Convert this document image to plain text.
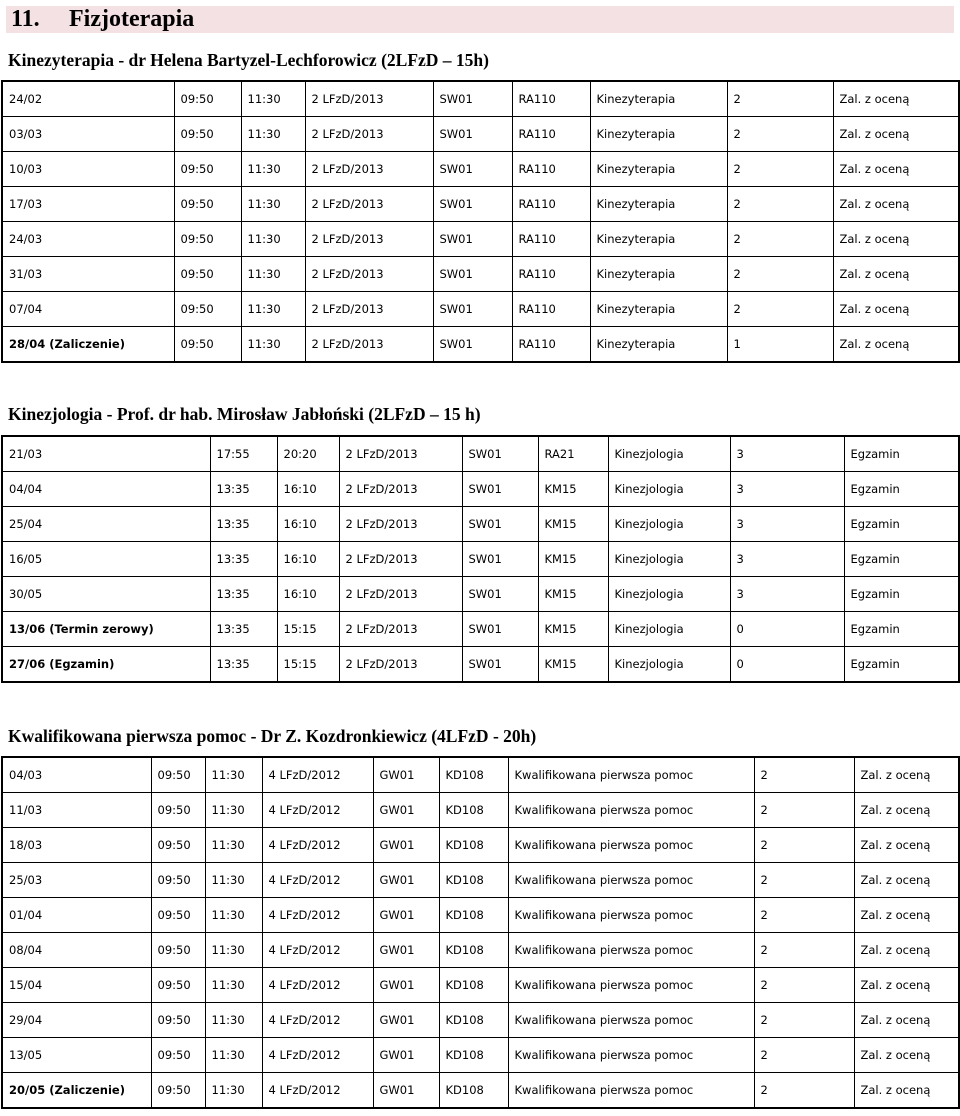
11. Fizjoterapia
Kinezyterapia - dr Helena Bartyzel-Lechforowicz (2LFzD – 15h)
24/02	09:50	11:30	2 LFzD/2013	SW01	RA110	Kinezyterapia	2	Zal. z oceną
03/03	09:50	11:30	2 LFzD/2013	SW01	RA110	Kinezyterapia	2	Zal. z oceną
10/03	09:50	11:30	2 LFzD/2013	SW01	RA110	Kinezyterapia	2	Zal. z oceną
17/03	09:50	11:30	2 LFzD/2013	SW01	RA110	Kinezyterapia	2	Zal. z oceną
24/03	09:50	11:30	2 LFzD/2013	SW01	RA110	Kinezyterapia	2	Zal. z oceną
31/03	09:50	11:30	2 LFzD/2013	SW01	RA110	Kinezyterapia	2	Zal. z oceną
07/04	09:50	11:30	2 LFzD/2013	SW01	RA110	Kinezyterapia	2	Zal. z oceną
28/04 (Zaliczenie)	09:50	11:30	2 LFzD/2013	SW01	RA110	Kinezyterapia	1	Zal. z oceną
Kinezjologia - Prof. dr hab. Mirosław Jabłoński (2LFzD – 15 h)
21/03	17:55	20:20	2 LFzD/2013	SW01	RA21	Kinezjologia	3	Egzamin
04/04	13:35	16:10	2 LFzD/2013	SW01	KM15	Kinezjologia	3	Egzamin
25/04	13:35	16:10	2 LFzD/2013	SW01	KM15	Kinezjologia	3	Egzamin
16/05	13:35	16:10	2 LFzD/2013	SW01	KM15	Kinezjologia	3	Egzamin
30/05	13:35	16:10	2 LFzD/2013	SW01	KM15	Kinezjologia	3	Egzamin
13/06 (Termin zerowy)	13:35	15:15	2 LFzD/2013	SW01	KM15	Kinezjologia	0	Egzamin
27/06 (Egzamin)	13:35	15:15	2 LFzD/2013	SW01	KM15	Kinezjologia	0	Egzamin
Kwalifikowana pierwsza pomoc - Dr Z. Kozdronkiewicz (4LFzD - 20h)
04/03	09:50	11:30	4 LFzD/2012	GW01	KD108	Kwalifikowana pierwsza pomoc	2	Zal. z oceną
11/03	09:50	11:30	4 LFzD/2012	GW01	KD108	Kwalifikowana pierwsza pomoc	2	Zal. z oceną
18/03	09:50	11:30	4 LFzD/2012	GW01	KD108	Kwalifikowana pierwsza pomoc	2	Zal. z oceną
25/03	09:50	11:30	4 LFzD/2012	GW01	KD108	Kwalifikowana pierwsza pomoc	2	Zal. z oceną
01/04	09:50	11:30	4 LFzD/2012	GW01	KD108	Kwalifikowana pierwsza pomoc	2	Zal. z oceną
08/04	09:50	11:30	4 LFzD/2012	GW01	KD108	Kwalifikowana pierwsza pomoc	2	Zal. z oceną
15/04	09:50	11:30	4 LFzD/2012	GW01	KD108	Kwalifikowana pierwsza pomoc	2	Zal. z oceną
29/04	09:50	11:30	4 LFzD/2012	GW01	KD108	Kwalifikowana pierwsza pomoc	2	Zal. z oceną
13/05	09:50	11:30	4 LFzD/2012	GW01	KD108	Kwalifikowana pierwsza pomoc	2	Zal. z oceną
20/05 (Zaliczenie)	09:50	11:30	4 LFzD/2012	GW01	KD108	Kwalifikowana pierwsza pomoc	2	Zal. z oceną
